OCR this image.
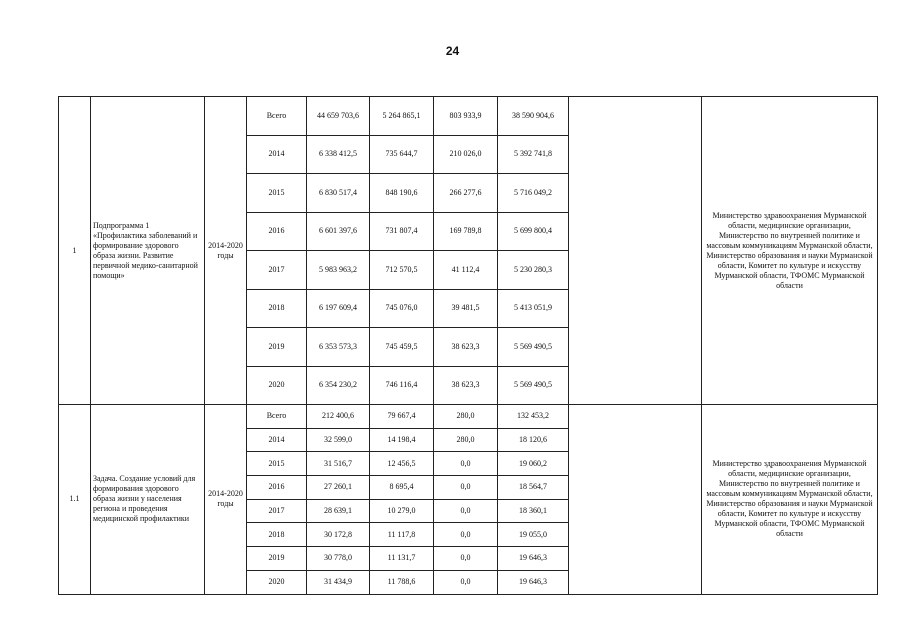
24
1	Подпрограмма 1 «Профилактика заболеваний и формирование здорового образа жизни. Развитие первичной медико-санитарной помощи»	2014-2020 годы	Всего	44 659 703,6	5 264 865,1	803 933,9	38 590 904,6		Министерство здравоохранения Мурманской области, медицинские организации, Министерство по внутренней политике и массовым коммуникациям Мурманской области, Министерство образования и науки Мурманской области, Комитет по культуре и искусству Мурманской области, ТФОМС Мурманской области
			2014	6 338 412,5	735 644,7	210 026,0	5 392 741,8		
			2015	6 830 517,4	848 190,6	266 277,6	5 716 049,2		
			2016	6 601 397,6	731 807,4	169 789,8	5 699 800,4		
			2017	5 983 963,2	712 570,5	41 112,4	5 230 280,3		
			2018	6 197 609,4	745 076,0	39 481,5	5 413 051,9		
			2019	6 353 573,3	745 459,5	38 623,3	5 569 490,5		
			2020	6 354 230,2	746 116,4	38 623,3	5 569 490,5		
1.1	Задача. Создание условий для формирования здорового образа жизни у населения региона и проведения медицинской профилактики	2014-2020 годы	Всего	212 400,6	79 667,4	280,0	132 453,2		Министерство здравоохранения Мурманской области, медицинские организации, Министерство по внутренней политике и массовым коммуникациям Мурманской области, Министерство образования и науки Мурманской области, Комитет по культуре и искусству Мурманской области, ТФОМС Мурманской области
			2014	32 599,0	14 198,4	280,0	18 120,6		
			2015	31 516,7	12 456,5	0,0	19 060,2		
			2016	27 260,1	8 695,4	0,0	18 564,7		
			2017	28 639,1	10 279,0	0,0	18 360,1		
			2018	30 172,8	11 117,8	0,0	19 055,0		
			2019	30 778,0	11 131,7	0,0	19 646,3		
			2020	31 434,9	11 788,6	0,0	19 646,3		
